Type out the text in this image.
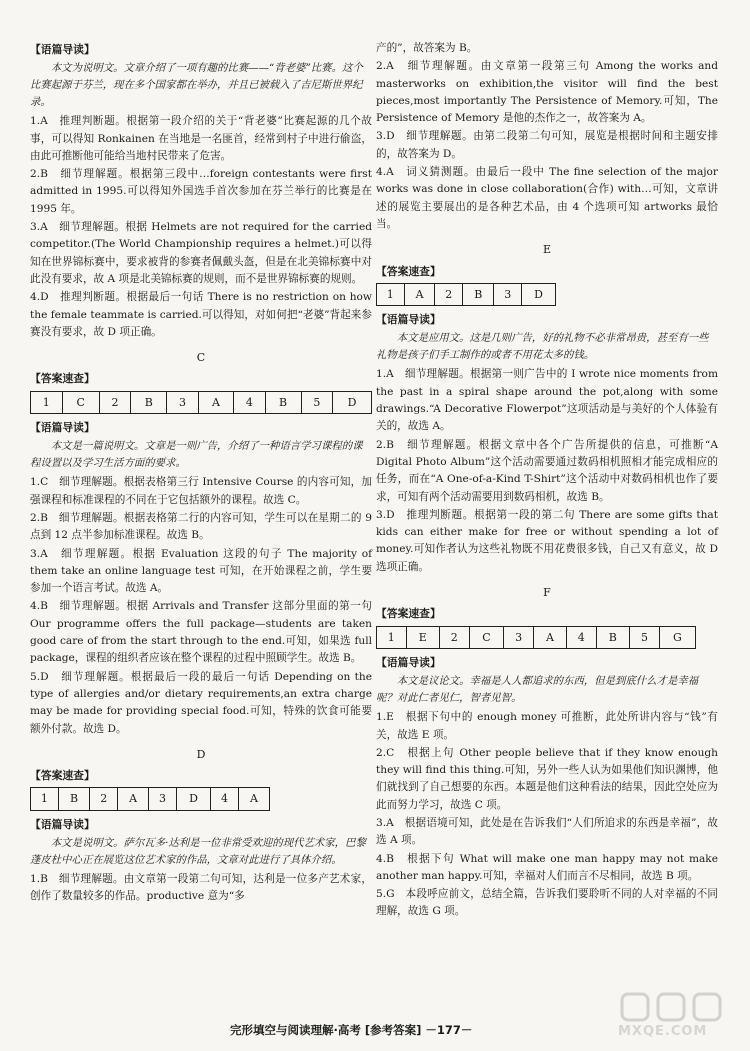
【语篇导读】
本文为说明文。文章介绍了一项有趣的比赛——“背老婆”比赛。这个比赛起源于芬兰，现在多个国家都在举办，并且已被载入了吉尼斯世界纪录。
1.A　推理判断题。根据第一段介绍的关于“背老婆”比赛起源的几个故事，可以得知 Ronkainen 在当地是一名匪首，经常到村子中进行偷盗，由此可推断他可能给当地村民带来了危害。
2.B　细节理解题。根据第三段中…foreign contestants were first admitted in 1995.可以得知外国选手首次参加在芬兰举行的比赛是在 1995 年。
3.A　细节理解题。根据 Helmets are not required for the carried competitor.(The World Championship requires a helmet.)可以得知在世界锦标赛中，要求被背的参赛者佩戴头盔，但是在北美锦标赛中对此没有要求，故 A 项是北美锦标赛的规则，而不是世界锦标赛的规则。
4.D　推理判断题。根据最后一句话 There is no restriction on how the female teammate is carried.可以得知，对如何把“老婆”背起来参赛没有要求，故 D 项正确。
C
【答案速查】
1	C	2	B	3	A	4	B	5	D
【语篇导读】
本文是一篇说明文。文章是一则广告，介绍了一种语言学习课程的课程设置以及学习生活方面的要求。
1.C　细节理解题。根据表格第三行 Intensive Course 的内容可知，加强课程和标准课程的不同在于它包括额外的课程。故选 C。
2.B　细节理解题。根据表格第二行的内容可知，学生可以在星期二的 9 点到 12 点半参加标准课程。故选 B。
3.A　细节理解题。根据 Evaluation 这段的句子 The majority of them take an online language test 可知，在开始课程之前，学生要参加一个语言考试。故选 A。
4.B　细节理解题。根据 Arrivals and Transfer 这部分里面的第一句 Our programme offers the full package—students are taken good care of from the start through to the end.可知，如果选 full package，课程的组织者应该在整个课程的过程中照顾学生。故选 B。
5.D　细节理解题。根据最后一段的最后一句话 Depending on the type of allergies and/or dietary requirements,an extra charge may be made for providing special food.可知，特殊的饮食可能要额外付款。故选 D。
D
【答案速查】
1	B	2	A	3	D	4	A
【语篇导读】
本文是说明文。萨尔瓦多·达利是一位非常受欢迎的现代艺术家，巴黎蓬皮杜中心正在展览这位艺术家的作品，文章对此进行了具体介绍。
1.B　细节理解题。由文章第一段第二句可知，达利是一位多产艺术家，创作了数量较多的作品。productive 意为“多
产的”，故答案为 B。
2.A　细节理解题。由文章第一段第三句 Among the works and masterworks on exhibition,the visitor will find the best pieces,most importantly The Persistence of Memory.可知，The Persistence of Memory 是他的杰作之一，故答案为 A。
3.D　细节理解题。由第二段第二句可知，展览是根据时间和主题安排的，故答案为 D。
4.A　词义猜测题。由最后一段中 The fine selection of the major works was done in close collaboration(合作) with…可知，文章讲述的展览主要展出的是各种艺术品，由 4 个选项可知 artworks 最恰当。
E
【答案速查】
1	A	2	B	3	D
【语篇导读】
本文是应用文。这是几则广告，好的礼物不必非常昂贵，甚至有一些礼物是孩子们手工制作的或者不用花太多的钱。
1.A　细节理解题。根据第一则广告中的 I wrote nice moments from the past in a spiral shape around the pot,along with some drawings.“A Decorative Flowerpot”这项活动是与美好的个人体验有关的，故选 A。
2.B　细节理解题。根据文章中各个广告所提供的信息，可推断“A Digital Photo Album”这个活动需要通过数码相机照相才能完成相应的任务，而在“A One-of-a-Kind T-Shirt”这个活动中对数码相机也作了要求，可知有两个活动需要用到数码相机，故选 B。
3.D　推理判断题。根据第一段的第二句 There are some gifts that kids can either make for free or without spending a lot of money.可知作者认为这些礼物既不用花费很多钱，自己又有意义，故 D 选项正确。
F
【答案速查】
1	E	2	C	3	A	4	B	5	G
【语篇导读】
本文是议论文。幸福是人人都追求的东西，但是到底什么才是幸福呢？对此仁者见仁，智者见智。
1.E　根据下句中的 enough money 可推断，此处所讲内容与“钱”有关，故选 E 项。
2.C　根据上句 Other people believe that if they know enough they will find this thing.可知，另外一些人认为如果他们知识渊博，他们就找到了自己想要的东西。本题是他们这种看法的结果，因此空处应为此而努力学习，故选 C 项。
3.A　根据语境可知，此处是在告诉我们“人们所追求的东西是幸福”，故选 A 项。
4.B　根据下句 What will make one man happy may not make another man happy.可知，幸福对人们而言不尽相同，故选 B 项。
5.G　本段呼应前文，总结全篇，告诉我们要聆听不同的人对幸福的不同理解，故选 G 项。
完形填空与阅读理解·高考 [参考答案] －177－	MXQE.COM
